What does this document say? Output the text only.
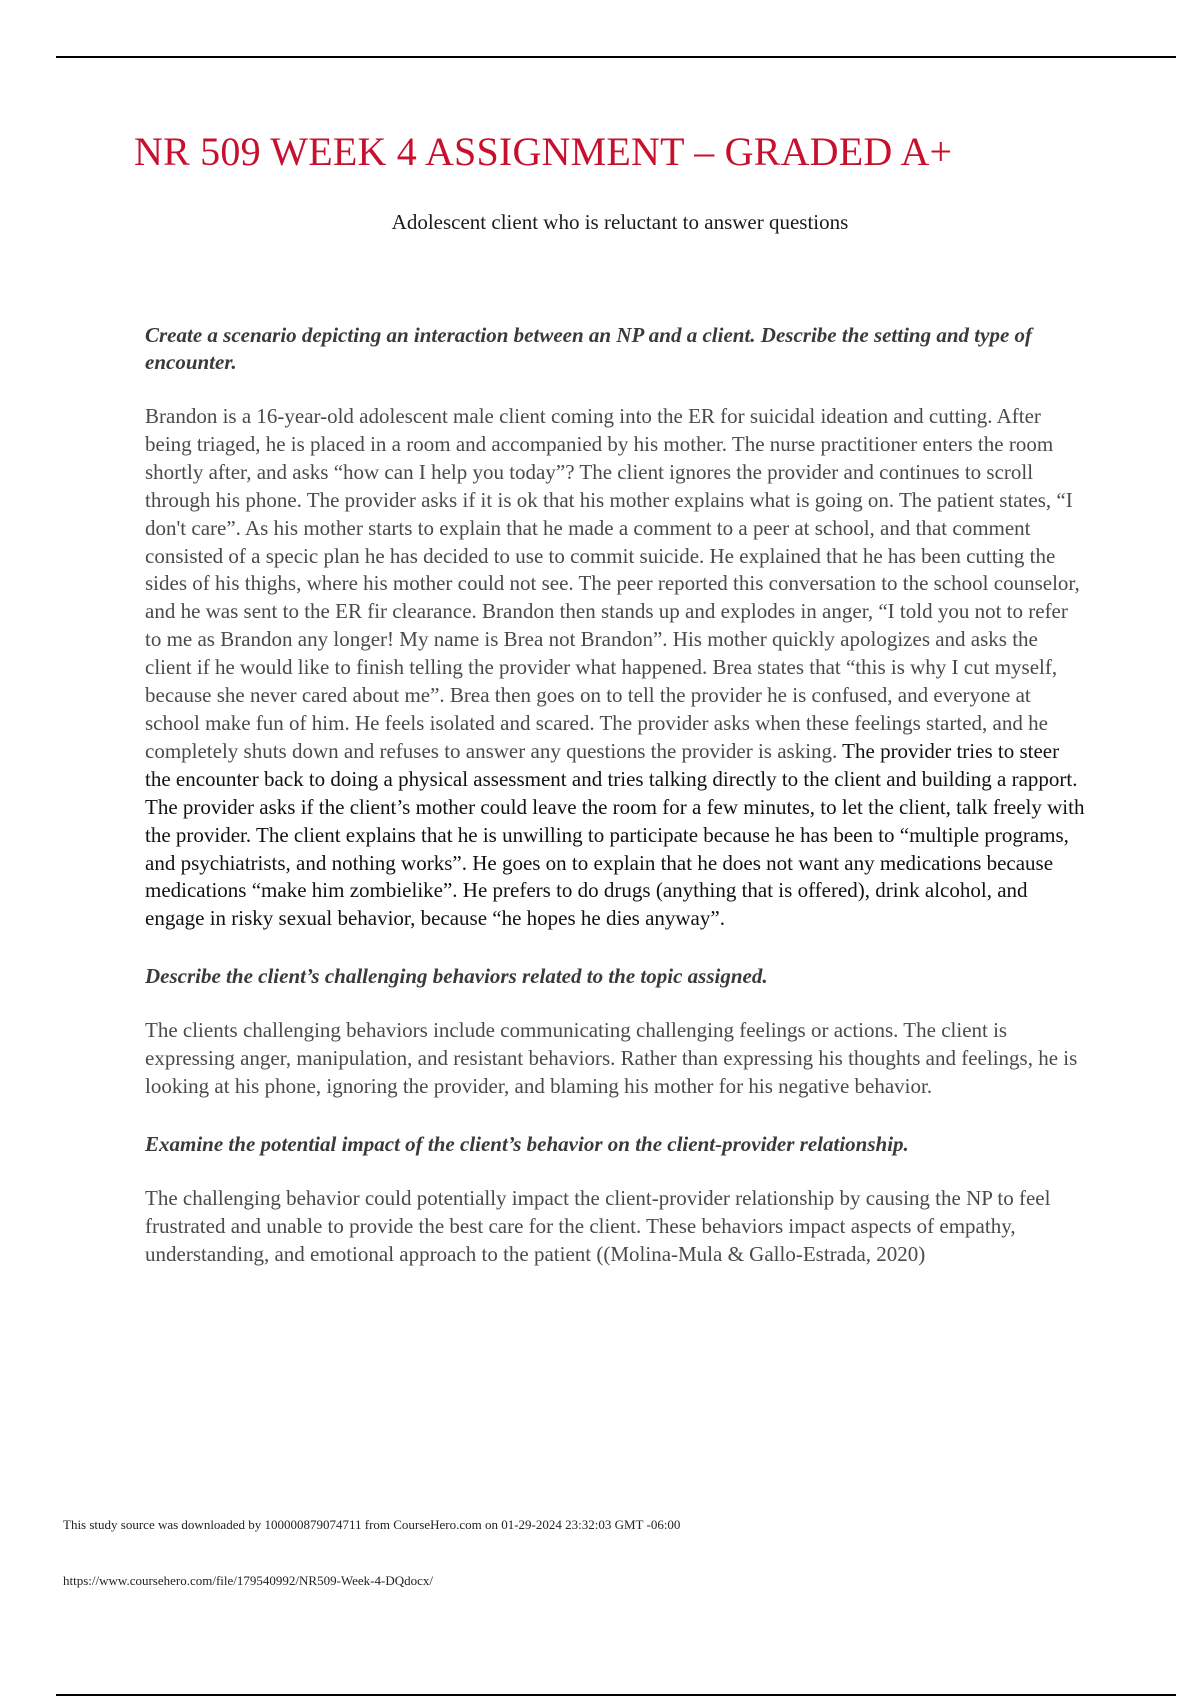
NR 509 WEEK 4 ASSIGNMENT – GRADED A+

Adolescent client who is reluctant to answer questions

Create a scenario depicting an interaction between an NP and a client. Describe the setting and type of encounter.

Brandon is a 16-year-old adolescent male client coming into the ER for suicidal ideation and cutting. After being triaged, he is placed in a room and accompanied by his mother. The nurse practitioner enters the room shortly after, and asks “how can I help you today”? The client ignores the provider and continues to scroll through his phone. The provider asks if it is ok that his mother explains what is going on. The patient states, “I don't care”. As his mother starts to explain that he made a comment to a peer at school, and that comment consisted of a specic plan he has decided to use to commit suicide. He explained that he has been cutting the sides of his thighs, where his mother could not see. The peer reported this conversation to the school counselor, and he was sent to the ER fir clearance. Brandon then stands up and explodes in anger, “I told you not to refer to me as Brandon any longer! My name is Brea not Brandon”. His mother quickly apologizes and asks the client if he would like to finish telling the provider what happened. Brea states that “this is why I cut myself, because she never cared about me”. Brea then goes on to tell the provider he is confused, and everyone at school make fun of him. He feels isolated and scared. The provider asks when these feelings started, and he completely shuts down and refuses to answer any questions the provider is asking. The provider tries to steer the encounter back to doing a physical assessment and tries talking directly to the client and building a rapport. The provider asks if the client’s mother could leave the room for a few minutes, to let the client, talk freely with the provider. The client explains that he is unwilling to participate because he has been to “multiple programs, and psychiatrists, and nothing works”. He goes on to explain that he does not want any medications because medications “make him zombielike”. He prefers to do drugs (anything that is offered), drink alcohol, and engage in risky sexual behavior, because “he hopes he dies anyway”.

Describe the client’s challenging behaviors related to the topic assigned.

The clients challenging behaviors include communicating challenging feelings or actions. The client is expressing anger, manipulation, and resistant behaviors. Rather than expressing his thoughts and feelings, he is looking at his phone, ignoring the provider, and blaming his mother for his negative behavior.

Examine the potential impact of the client’s behavior on the client-provider relationship.

The challenging behavior could potentially impact the client-provider relationship by causing the NP to feel frustrated and unable to provide the best care for the client. These behaviors impact aspects of empathy, understanding, and emotional approach to the patient ((Molina-Mula & Gallo-Estrada, 2020)

This study source was downloaded by 100000879074711 from CourseHero.com on 01-29-2024 23:32:03 GMT -06:00

https://www.coursehero.com/file/179540992/NR509-Week-4-DQdocx/
